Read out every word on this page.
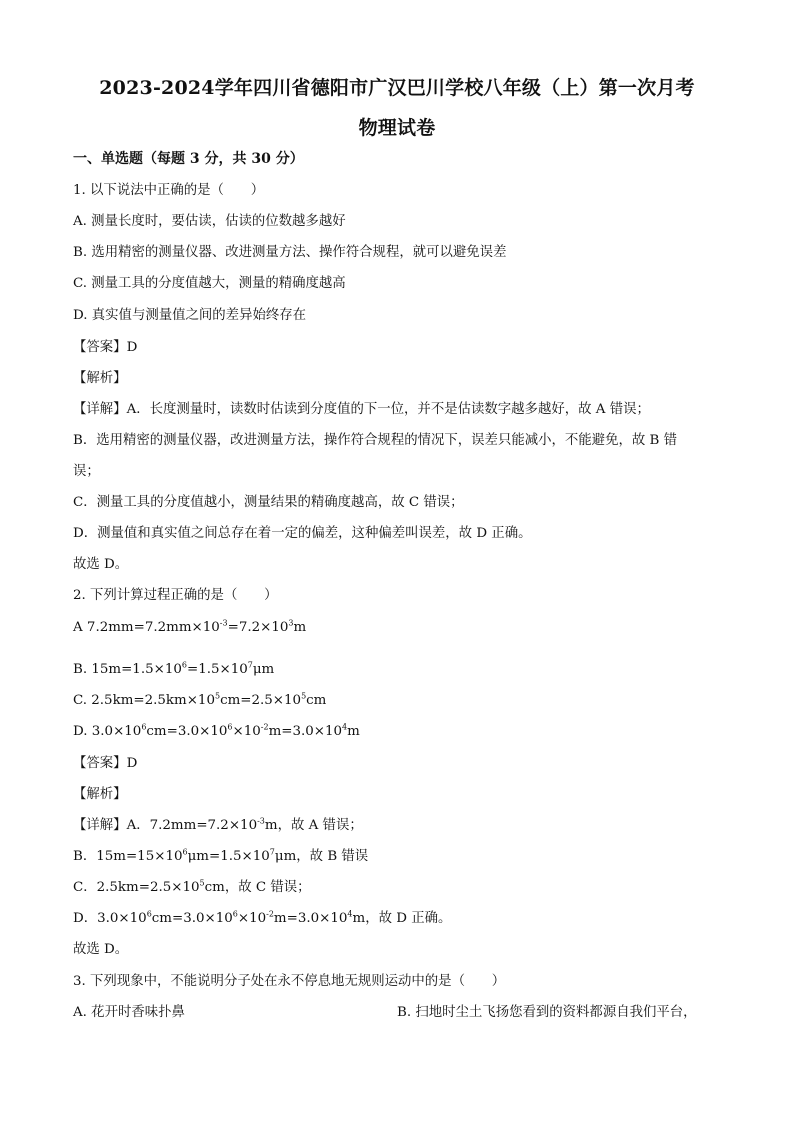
2023-2024学年四川省德阳市广汉巴川学校八年级（上）第一次月考
物理试卷
一、单选题（每题 3 分，共 30 分）
1. 以下说法中正确的是（　　）
A. 测量长度时，要估读，估读的位数越多越好
B. 选用精密的测量仪器、改进测量方法、操作符合规程，就可以避免误差
C. 测量工具的分度值越大，测量的精确度越高
D. 真实值与测量值之间的差异始终存在
【答案】D
【解析】
【详解】A．长度测量时，读数时估读到分度值的下一位，并不是估读数字越多越好，故 A 错误；
B．选用精密的测量仪器，改进测量方法，操作符合规程的情况下，误差只能减小，不能避免，故 B 错
误；
C．测量工具的分度值越小，测量结果的精确度越高，故 C 错误；
D．测量值和真实值之间总存在着一定的偏差，这种偏差叫误差，故 D 正确。
故选 D。
2. 下列计算过程正确的是（　　）
A $7.2mm=7.2mm\times 10^{-3}=7.2\times 10^3m$
B. $15m=1.5\times 10^6=1.5\times 10^7\mu m$
C. $2.5km=2.5km\times 10^5cm=2.5\times 10^5cm$
D. $3.0\times 10^6cm=3.0\times 10^6\times 10^{-2}m=3.0\times 10^4m$
【答案】D
【解析】
【详解】A．$7.2mm=7.2\times 10^{-3}m$，故 A 错误；
B．$15m=15\times 10^6\mu m=1.5\times 10^7\mu m$，故 B 错误
C．$2.5km=2.5\times 10^5cm$，故 C 错误；
D．$3.0\times 10^6cm=3.0\times 10^6\times 10^{-2}m=3.0\times 10^4m$，故 D 正确。
故选 D。
3. 下列现象中，不能说明分子处在永不停息地无规则运动中的是（　　）
A. 花开时香味扑鼻	B. 扫地时尘土飞扬您看到的资料都源自我们平台，
